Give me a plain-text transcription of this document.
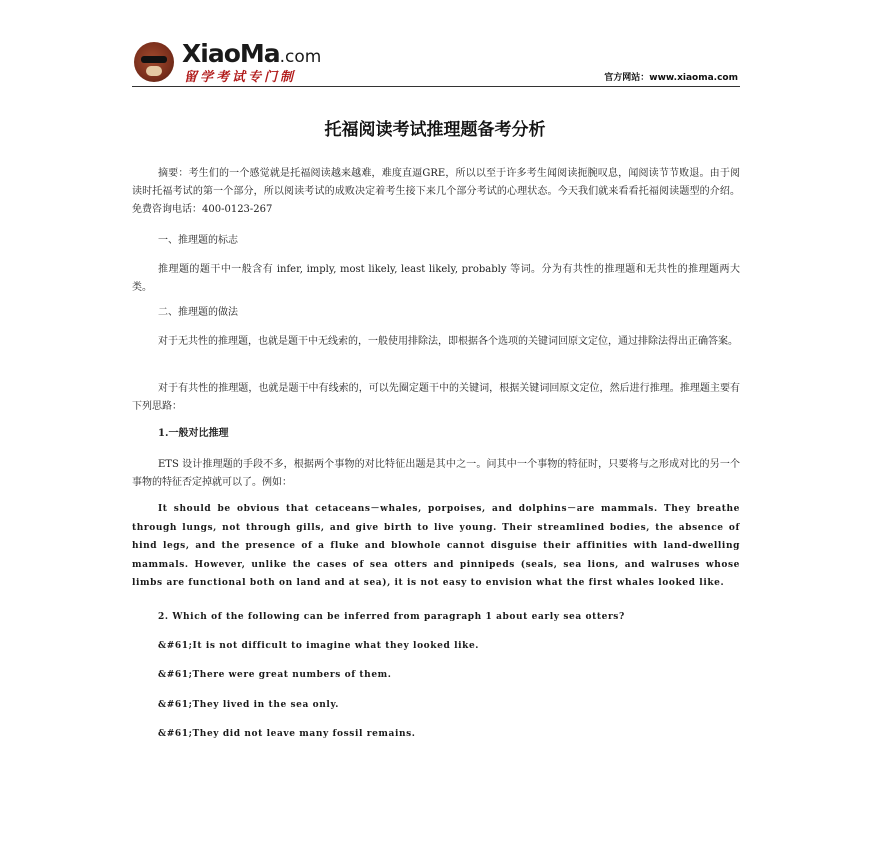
XiaoMa.com
留学考试专门制	官方网站：www.xiaoma.com
托福阅读考试推理题备考分析
摘要：考生们的一个感觉就是托福阅读越来越难，难度直逼GRE，所以以至于许多考生闻阅读扼腕叹息，闻阅读节节败退。由于阅读时托福考试的第一个部分，所以阅读考试的成败决定着考生接下来几个部分考试的心理状态。今天我们就来看看托福阅读题型的介绍。免费咨询电话：400-0123-267
一、推理题的标志
推理题的题干中一般含有 infer, imply, most likely, least likely, probably 等词。分为有共性的推理题和无共性的推理题两大类。
二、推理题的做法
对于无共性的推理题，也就是题干中无线索的，一般使用排除法，即根据各个选项的关键词回原文定位，通过排除法得出正确答案。
对于有共性的推理题，也就是题干中有线索的，可以先圈定题干中的关键词，根据关键词回原文定位，然后进行推理。推理题主要有下列思路：
1.一般对比推理
ETS 设计推理题的手段不多，根据两个事物的对比特征出题是其中之一。问其中一个事物的特征时，只要将与之形成对比的另一个事物的特征否定掉就可以了。例如：
It should be obvious that cetaceans－whales, porpoises, and dolphins－are mammals. They breathe through lungs, not through gills, and give birth to live young. Their streamlined bodies, the absence of hind legs, and the presence of a fluke and blowhole cannot disguise their affinities with land-dwelling mammals. However, unlike the cases of sea otters and pinnipeds (seals, sea lions, and walruses whose limbs are functional both on land and at sea), it is not easy to envision what the first whales looked like.
2. Which of the following can be inferred from paragraph 1 about early sea otters?
&#61;It is not difficult to imagine what they looked like.
&#61;There were great numbers of them.
&#61;They lived in the sea only.
&#61;They did not leave many fossil remains.
